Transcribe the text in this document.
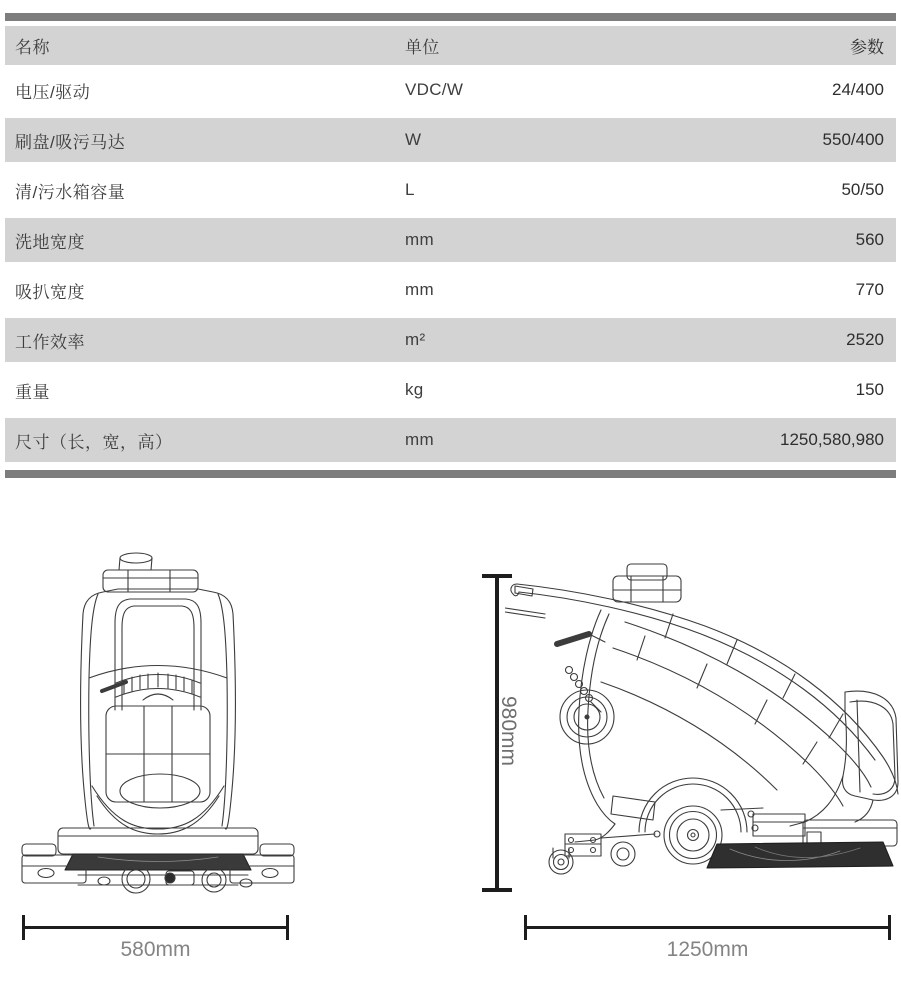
名称	单位	参数
电压/驱动	VDC/W	24/400
刷盘/吸污马达	W	550/400
清/污水箱容量	L	50/50
洗地宽度	mm	560
吸扒宽度	mm	770
工作效率	m²	2520
重量	kg	150
尺寸（长，宽，高）	mm	1250,580,980
580mm	1250mm
980mm
